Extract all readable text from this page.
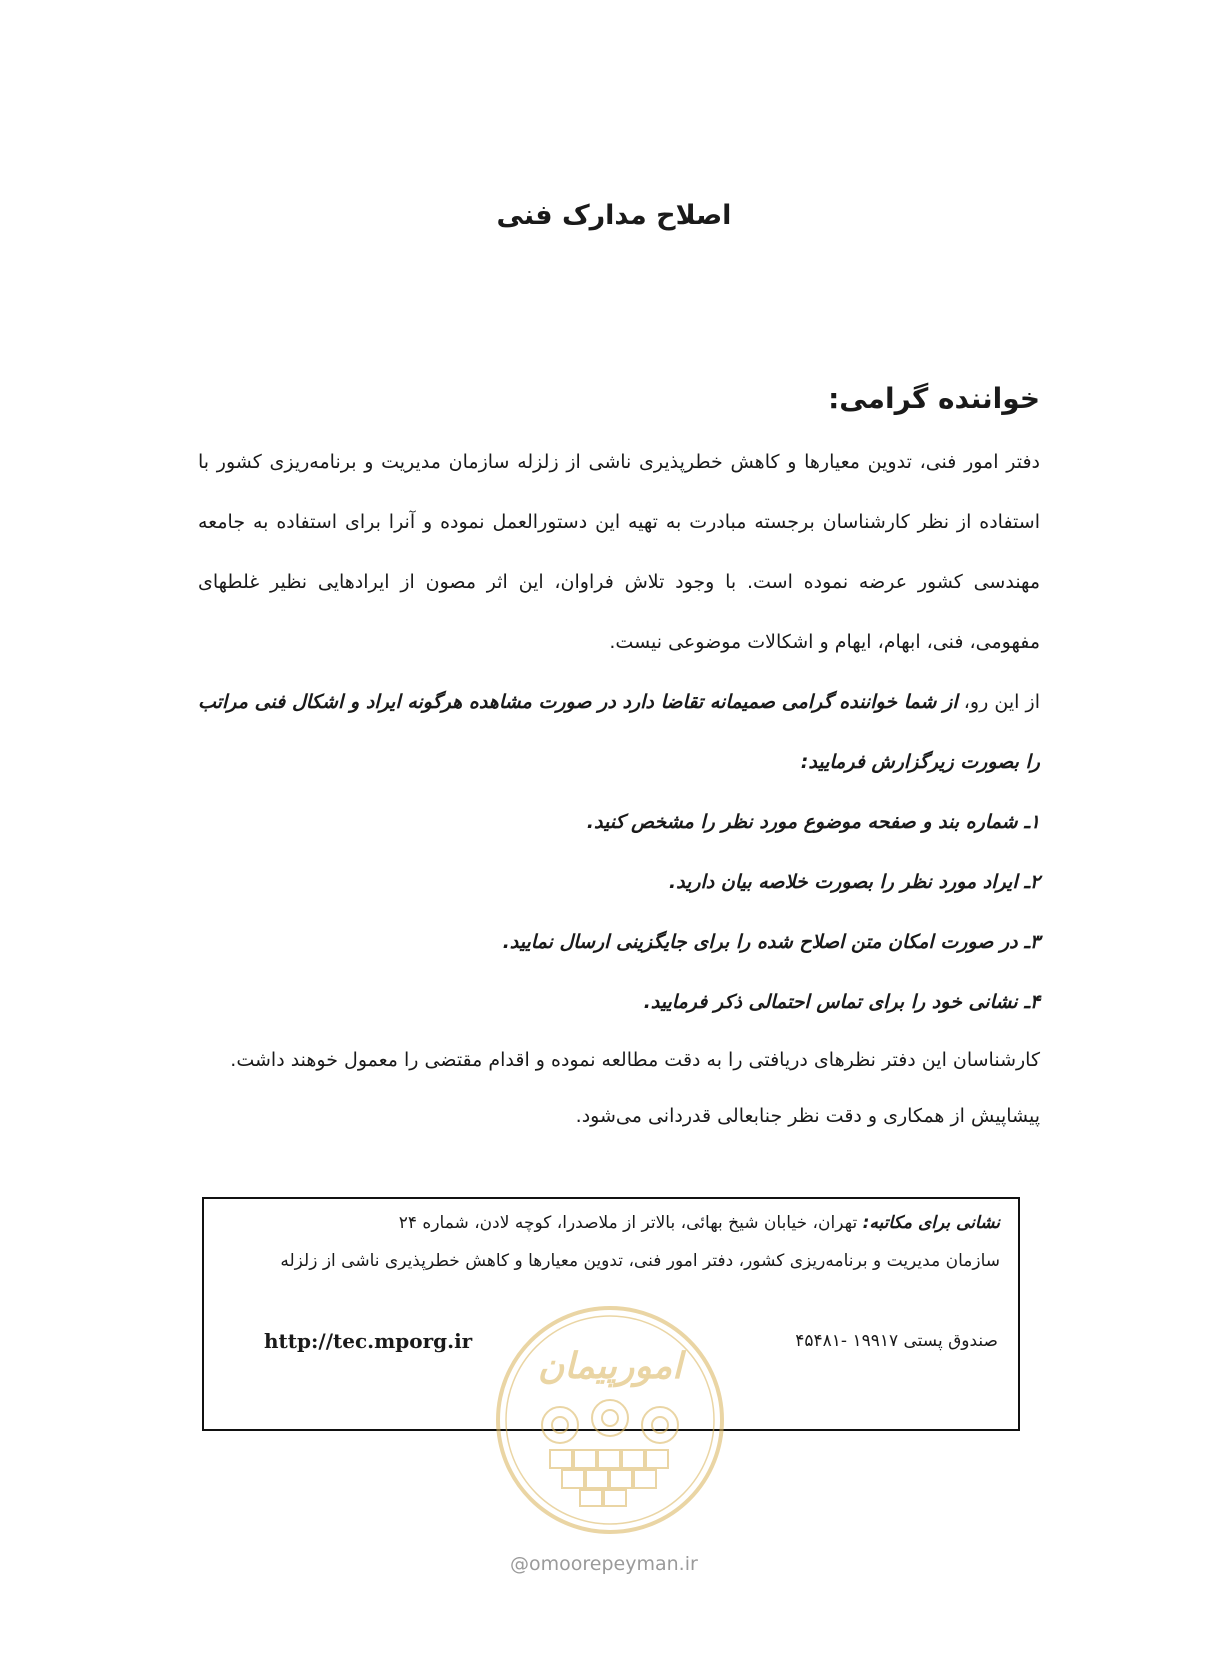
اصلاح مدارک فنی
خواننده گرامی:

دفتر امور فنی، تدوین معیارها و کاهش خطرپذیری ناشی از زلزله سازمان مدیریت و برنامه‌ریزی کشور با استفاده از نظر کارشناسان برجسته مبادرت به تهیه این دستورالعمل نموده و آنرا برای استفاده به جامعه مهندسی کشور عرضه نموده است. با وجود تلاش فراوان، این اثر مصون از ایرادهایی نظیر غلطهای مفهومی، فنی، ابهام، ایهام و اشکالات موضوعی نیست.

از این رو، از شما خواننده گرامی صمیمانه تقاضا دارد در صورت مشاهده هرگونه ایراد و اشکال فنی مراتب را بصورت زیرگزارش فرمایید:

۱ـ شماره بند و صفحه موضوع مورد نظر را مشخص کنید.
۲ـ ایراد مورد نظر را بصورت خلاصه بیان دارید.
۳ـ در صورت امکان متن اصلاح شده را برای جایگزینی ارسال نمایید.
۴ـ نشانی خود را برای تماس احتمالی ذکر فرمایید.

کارشناسان این دفتر نظرهای دریافتی را به دقت مطالعه نموده و اقدام مقتضی را معمول خوهند داشت.

پیشاپیش از همکاری و دقت نظر جنابعالی قدردانی می‌شود.

نشانی برای مکاتبه: تهران، خیابان شیخ بهائی، بالاتر از ملاصدرا، کوچه لادن، شماره ۲۴
سازمان مدیریت و برنامه‌ریزی کشور، دفتر امور فنی، تدوین معیارها و کاهش خطرپذیری ناشی از زلزله
صندوق پستی ۱۹۹۱۷ -۴۵۴۸۱
http://tec.mporg.ir
امورپیمان
@omoorepeyman.ir
